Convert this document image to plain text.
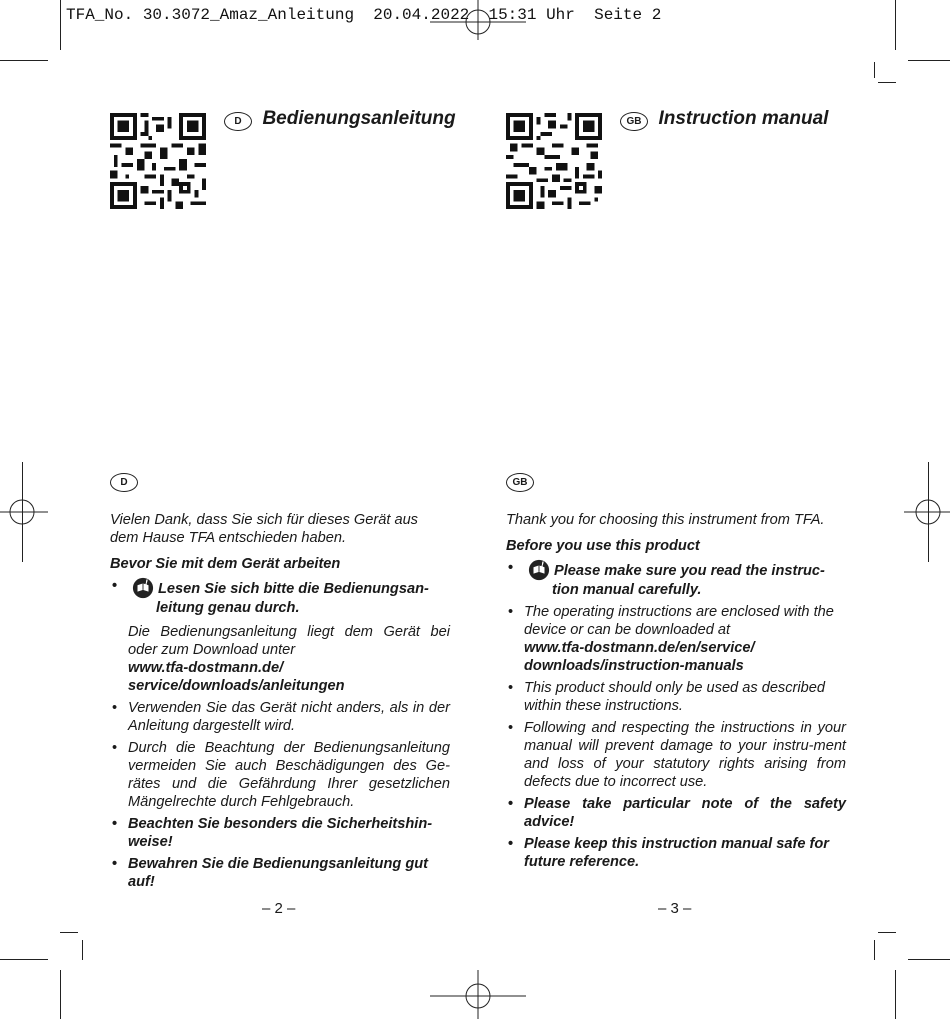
TFA_No. 30.3072_Amaz_Anleitung 20.04.2022 15:31 Uhr Seite 2
D Bedienungsanleitung	GB Instruction manual
D	GB

Vielen Dank, dass Sie sich für dieses Gerät aus dem Hause TFA entschieden haben.

Bevor Sie mit dem Gerät arbeiten

•	! Lesen Sie sich bitte die Bedienungsan-
leitung genau durch.

Die Bedienungsanleitung liegt dem Gerät bei oder zum Download unter

www.tfa-dostmann.de/

service/downloads/anleitungen

• Verwenden Sie das Gerät nicht anders, als in der Anleitung dargestellt wird.
• Durch die Beachtung der Bedienungsanleitung vermeiden Sie auch Beschädigungen des Ge-rätes und die Gefährdung Ihrer gesetzlichen Mängelrechte durch Fehlgebrauch.
• Beachten Sie besonders die Sicherheitshin-weise!
• Bewahren Sie die Bedienungsanleitung gut auf!

Thank you for choosing this instrument from TFA.

Before you use this product

•	! Please make sure you read the instruc-
tion manual carefully.
• The operating instructions are enclosed with the device or can be downloaded at
www.tfa-dostmann.de/en/service/
downloads/instruction-manuals
• This product should only be used as described within these instructions.
• Following and respecting the instructions in your manual will prevent damage to your instru-ment and loss of your statutory rights arising from defects due to incorrect use.
• Please take particular note of the safety advice!
• Please keep this instruction manual safe for future reference.
– 2 –	– 3 –
